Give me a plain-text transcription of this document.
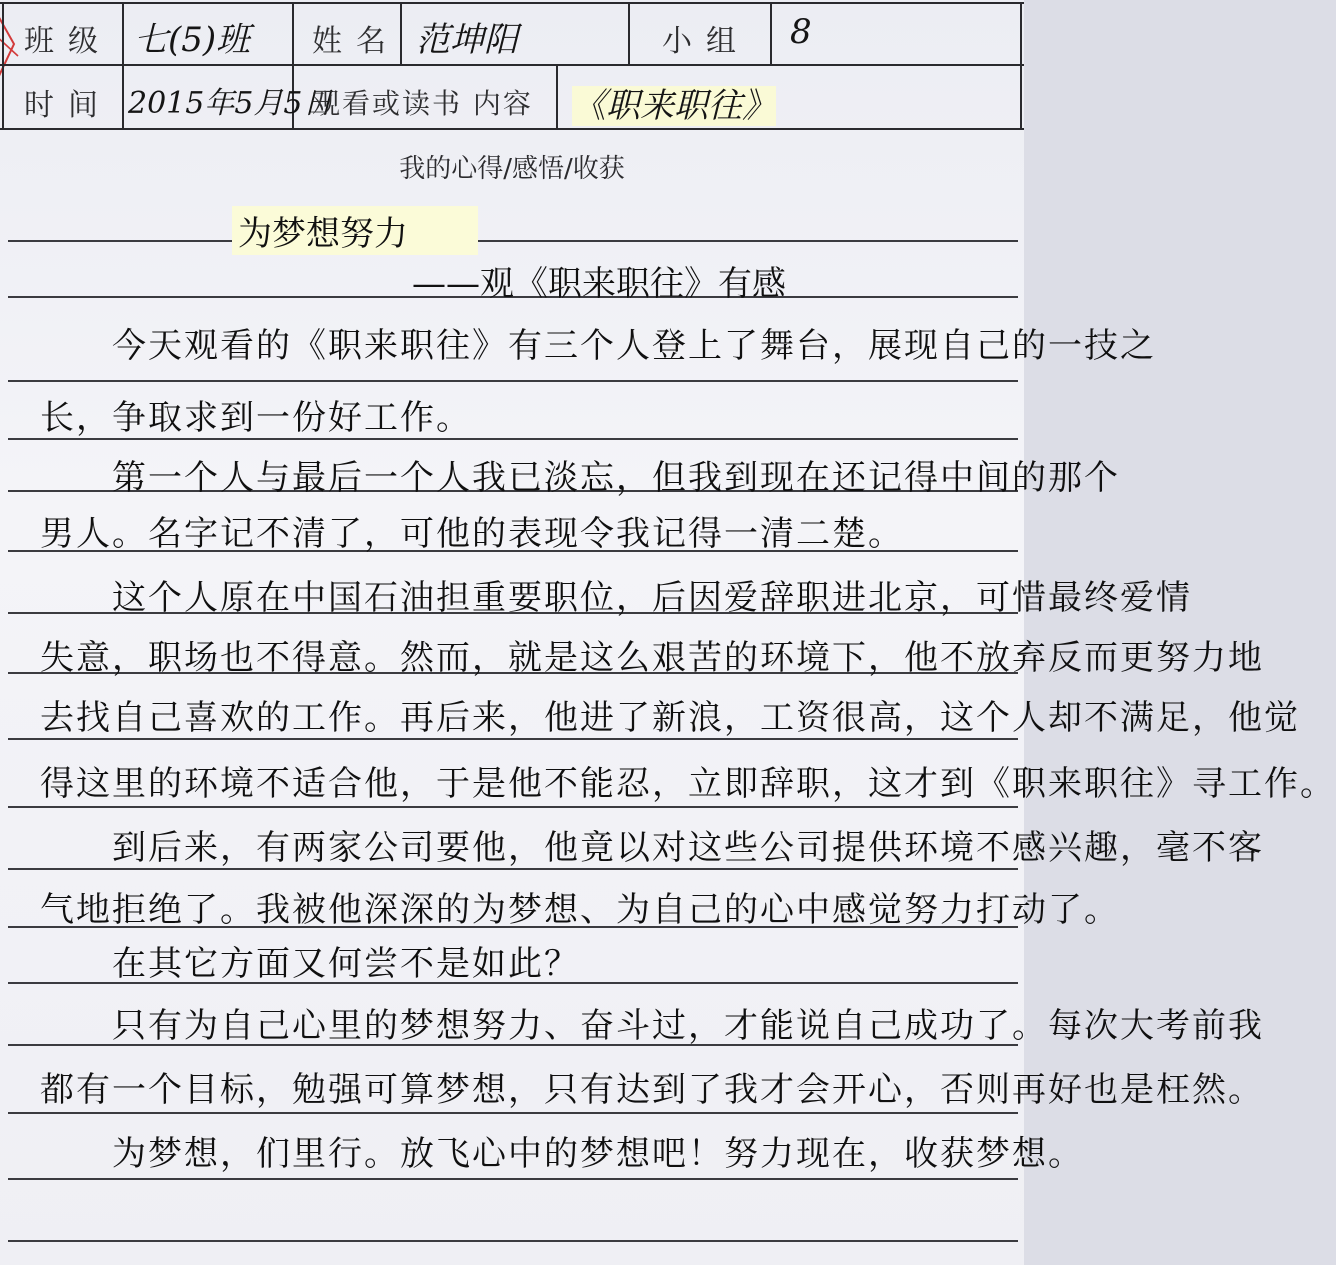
班级 七(5)班 姓名 范坤阳	小组 8
时间 2015年5月5日
观看或读书 内容 《职来职往》
我的心得/感悟/收获
为梦想努力
——观《职来职往》有感
　　今天观看的《职来职往》有三个人登上了舞台，展现自己的一技之
长，争取求到一份好工作。
　　第一个人与最后一个人我已淡忘，但我到现在还记得中间的那个
男人。名字记不清了，可他的表现令我记得一清二楚。
　　这个人原在中国石油担重要职位，后因爱辞职进北京，可惜最终爱情
失意，职场也不得意。然而，就是这么艰苦的环境下，他不放弃反而更努力地
去找自己喜欢的工作。再后来，他进了新浪，工资很高，这个人却不满足，他觉
得这里的环境不适合他，于是他不能忍，立即辞职，这才到《职来职往》寻工作。
　　到后来，有两家公司要他，他竟以对这些公司提供环境不感兴趣，毫不客
气地拒绝了。我被他深深的为梦想、为自己的心中感觉努力打动了。
　　在其它方面又何尝不是如此？
　　只有为自己心里的梦想努力、奋斗过，才能说自己成功了。每次大考前我
都有一个目标，勉强可算梦想，只有达到了我才会开心，否则再好也是枉然。
　　为梦想，们里行。放飞心中的梦想吧！努力现在，收获梦想。
